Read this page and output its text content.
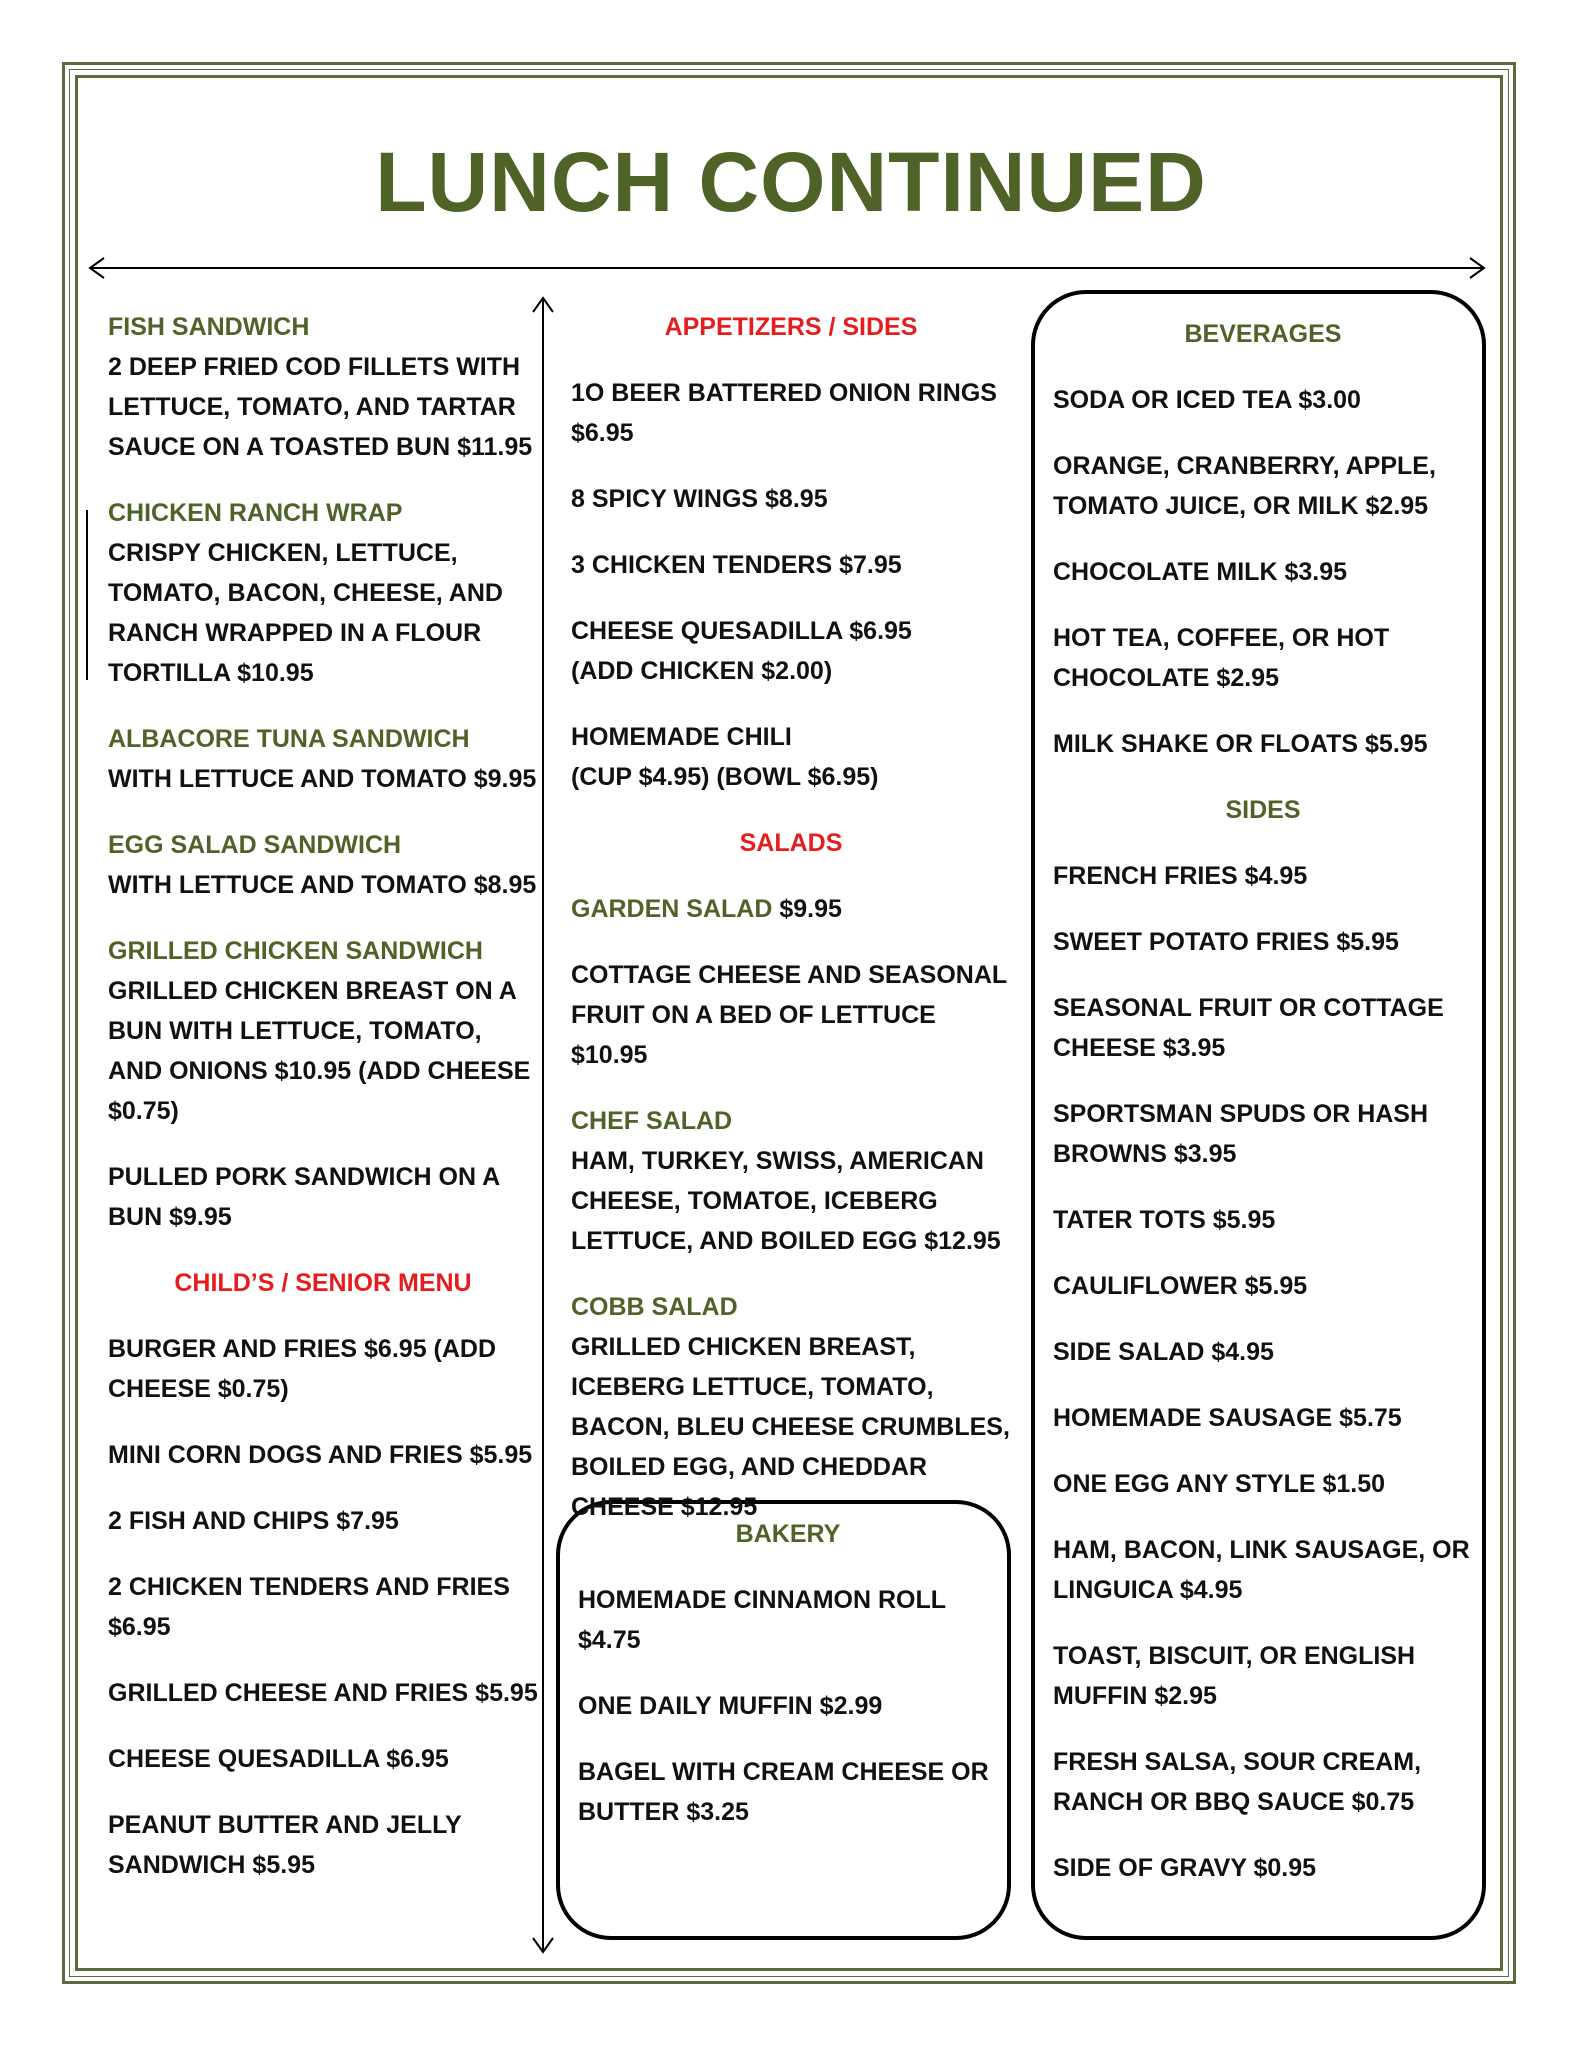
LUNCH CONTINUED

FISH SANDWICH
2 DEEP FRIED COD FILLETS WITH LETTUCE, TOMATO, AND TARTAR SAUCE ON A TOASTED BUN $11.95

CHICKEN RANCH WRAP
CRISPY CHICKEN, LETTUCE, TOMATO, BACON, CHEESE, AND RANCH WRAPPED IN A FLOUR TORTILLA $10.95

ALBACORE TUNA SANDWICH
WITH LETTUCE AND TOMATO $9.95

EGG SALAD SANDWICH
WITH LETTUCE AND TOMATO $8.95

GRILLED CHICKEN SANDWICH
GRILLED CHICKEN BREAST ON A BUN WITH LETTUCE, TOMATO, AND ONIONS $10.95 (ADD CHEESE $0.75)

PULLED PORK SANDWICH ON A BUN $9.95

CHILD’S / SENIOR MENU

BURGER AND FRIES $6.95 (ADD CHEESE $0.75)

MINI CORN DOGS AND FRIES $5.95

2 FISH AND CHIPS $7.95

2 CHICKEN TENDERS AND FRIES $6.95

GRILLED CHEESE AND FRIES $5.95

CHEESE QUESADILLA $6.95

PEANUT BUTTER AND JELLY SANDWICH $5.95

APPETIZERS / SIDES

1O BEER BATTERED ONION RINGS $6.95

8 SPICY WINGS $8.95

3 CHICKEN TENDERS $7.95

CHEESE QUESADILLA $6.95
(ADD CHICKEN $2.00)

HOMEMADE CHILI
(CUP $4.95) (BOWL $6.95)

SALADS

GARDEN SALAD $9.95

COTTAGE CHEESE AND SEASONAL FRUIT ON A BED OF LETTUCE $10.95

CHEF SALAD
HAM, TURKEY, SWISS, AMERICAN CHEESE, TOMATOE, ICEBERG LETTUCE, AND BOILED EGG $12.95

COBB SALAD
GRILLED CHICKEN BREAST, ICEBERG LETTUCE, TOMATO, BACON, BLEU CHEESE CRUMBLES, BOILED EGG, AND CHEDDAR CHEESE $12.95

BAKERY

HOMEMADE CINNAMON ROLL $4.75

ONE DAILY MUFFIN $2.99

BAGEL WITH CREAM CHEESE OR BUTTER $3.25

BEVERAGES

SODA OR ICED TEA $3.00

ORANGE, CRANBERRY, APPLE, TOMATO JUICE, OR MILK $2.95

CHOCOLATE MILK $3.95

HOT TEA, COFFEE, OR HOT CHOCOLATE $2.95

MILK SHAKE OR FLOATS $5.95

SIDES

FRENCH FRIES $4.95

SWEET POTATO FRIES $5.95

SEASONAL FRUIT OR COTTAGE CHEESE $3.95

SPORTSMAN SPUDS OR HASH BROWNS $3.95

TATER TOTS $5.95

CAULIFLOWER $5.95

SIDE SALAD $4.95

HOMEMADE SAUSAGE $5.75

ONE EGG ANY STYLE $1.50

HAM, BACON, LINK SAUSAGE, OR LINGUICA $4.95

TOAST, BISCUIT, OR ENGLISH MUFFIN $2.95

FRESH SALSA, SOUR CREAM, RANCH OR BBQ SAUCE $0.75

SIDE OF GRAVY $0.95
